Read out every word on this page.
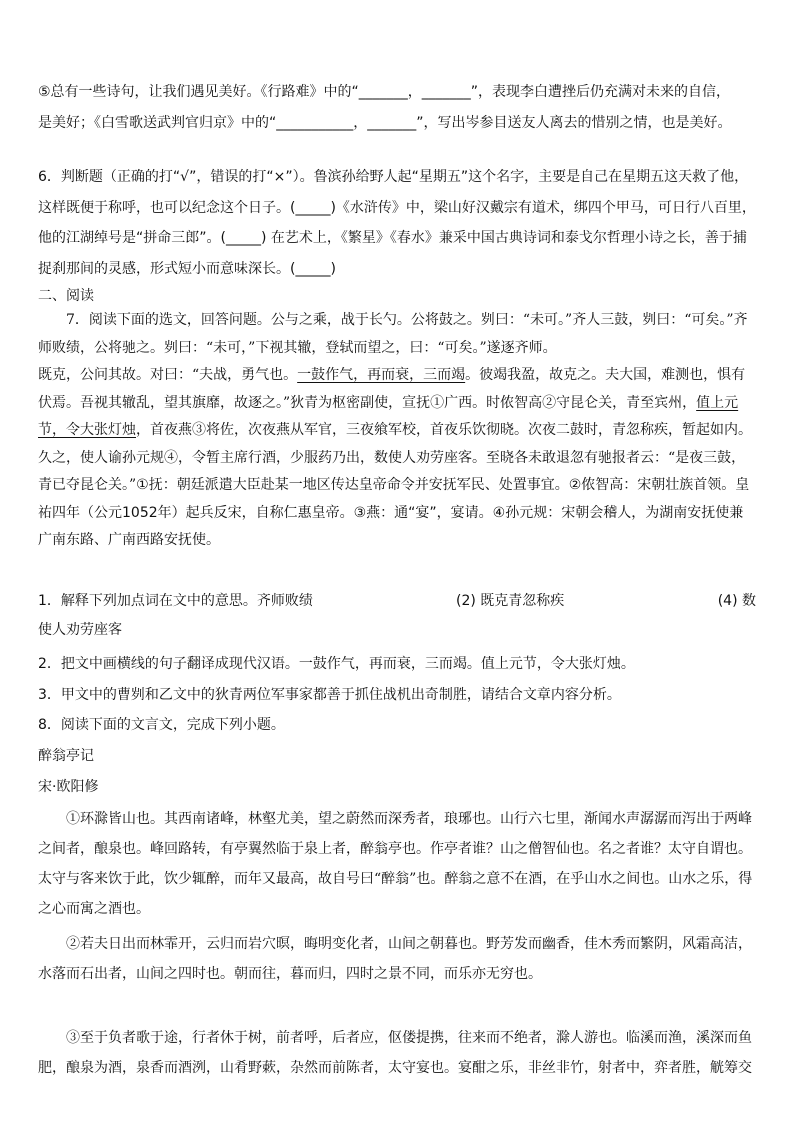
⑤总有一些诗句，让我们遇见美好。《行路难》中的“_______，_______”，表现李白遭挫后仍充满对未来的自信，
是美好；《白雪歌送武判官归京》中的“___________，_______”，写出岑参目送友人离去的惜别之情，也是美好。

6．判断题（正确的打“√”，错误的打“×”）。鲁滨孙给野人起“星期五”这个名字，主要是自己在星期五这天救了他，这样既便于称呼，也可以纪念这个日子。(_____)《水浒传》中，梁山好汉戴宗有道术，绑四个甲马，可日行八百里，他的江湖绰号是“拼命三郎”。(_____) 在艺术上，《繁星》《春水》兼采中国古典诗词和泰戈尔哲理小诗之长，善于捕捉刹那间的灵感，形式短小而意味深长。(_____)

二、阅读

7．阅读下面的选文，回答问题。公与之乘，战于长勺。公将鼓之。刿曰：“未可。”齐人三鼓，刿曰：“可矣。”齐师败绩，公将驰之。刿曰：“未可，”下视其辙，登轼而望之，曰：“可矣。”遂逐齐师。
既克，公问其故。对曰：“夫战，勇气也。一鼓作气，再而衰，三而竭。彼竭我盈，故克之。夫大国，难测也，惧有伏焉。吾视其辙乱，望其旗靡，故逐之。”狄青为枢密副使，宣抚①广西。时侬智高②守昆仑关，青至宾州，值上元节，令大张灯烛，首夜燕③将佐，次夜燕从军官，三夜飨军校，首夜乐饮彻晓。次夜二鼓时，青忽称疾，暂起如内。久之，使人谕孙元规④，令暂主席行酒，少服药乃出，数使人劝劳座客。至晓各未敢退忽有驰报者云：“是夜三鼓，青已夺昆仑关。”①抚：朝廷派遣大臣赴某一地区传达皇帝命令并安抚军民、处置事宜。②侬智高：宋朝壮族首领。皇祐四年（公元1052年）起兵反宋，自称仁惠皇帝。③燕：通“宴”，宴请。④孙元规：宋朝会稽人，为湖南安抚使兼广南东路、广南西路安抚使。
1．解释下列加点词在文中的意思。齐师败绩	(2) 既克青忽称疾	(4) 数

使人劝劳座客

2．把文中画横线的句子翻译成现代汉语。一鼓作气，再而衰，三而竭。值上元节，令大张灯烛。

3．甲文中的曹刿和乙文中的狄青两位军事家都善于抓住战机出奇制胜，请结合文章内容分析。

8．阅读下面的文言文，完成下列小题。

醉翁亭记

宋·欧阳修

①环滁皆山也。其西南诸峰，林壑尤美，望之蔚然而深秀者，琅琊也。山行六七里，渐闻水声潺潺而泻出于两峰之间者，酿泉也。峰回路转，有亭翼然临于泉上者，醉翁亭也。作亭者谁？山之僧智仙也。名之者谁？太守自谓也。太守与客来饮于此，饮少辄醉，而年又最高，故自号曰“醉翁”也。醉翁之意不在酒，在乎山水之间也。山水之乐，得之心而寓之酒也。

②若夫日出而林霏开，云归而岩穴暝，晦明变化者，山间之朝暮也。野芳发而幽香，佳木秀而繁阴，风霜高洁，水落而石出者，山间之四时也。朝而往，暮而归，四时之景不同，而乐亦无穷也。

③至于负者歌于途，行者休于树，前者呼，后者应，伛偻提携，往来而不绝者，滁人游也。临溪而渔，溪深而鱼肥，酿泉为酒，泉香而酒洌，山肴野蔌，杂然而前陈者，太守宴也。宴酣之乐，非丝非竹，射者中，弈者胜，觥筹交
